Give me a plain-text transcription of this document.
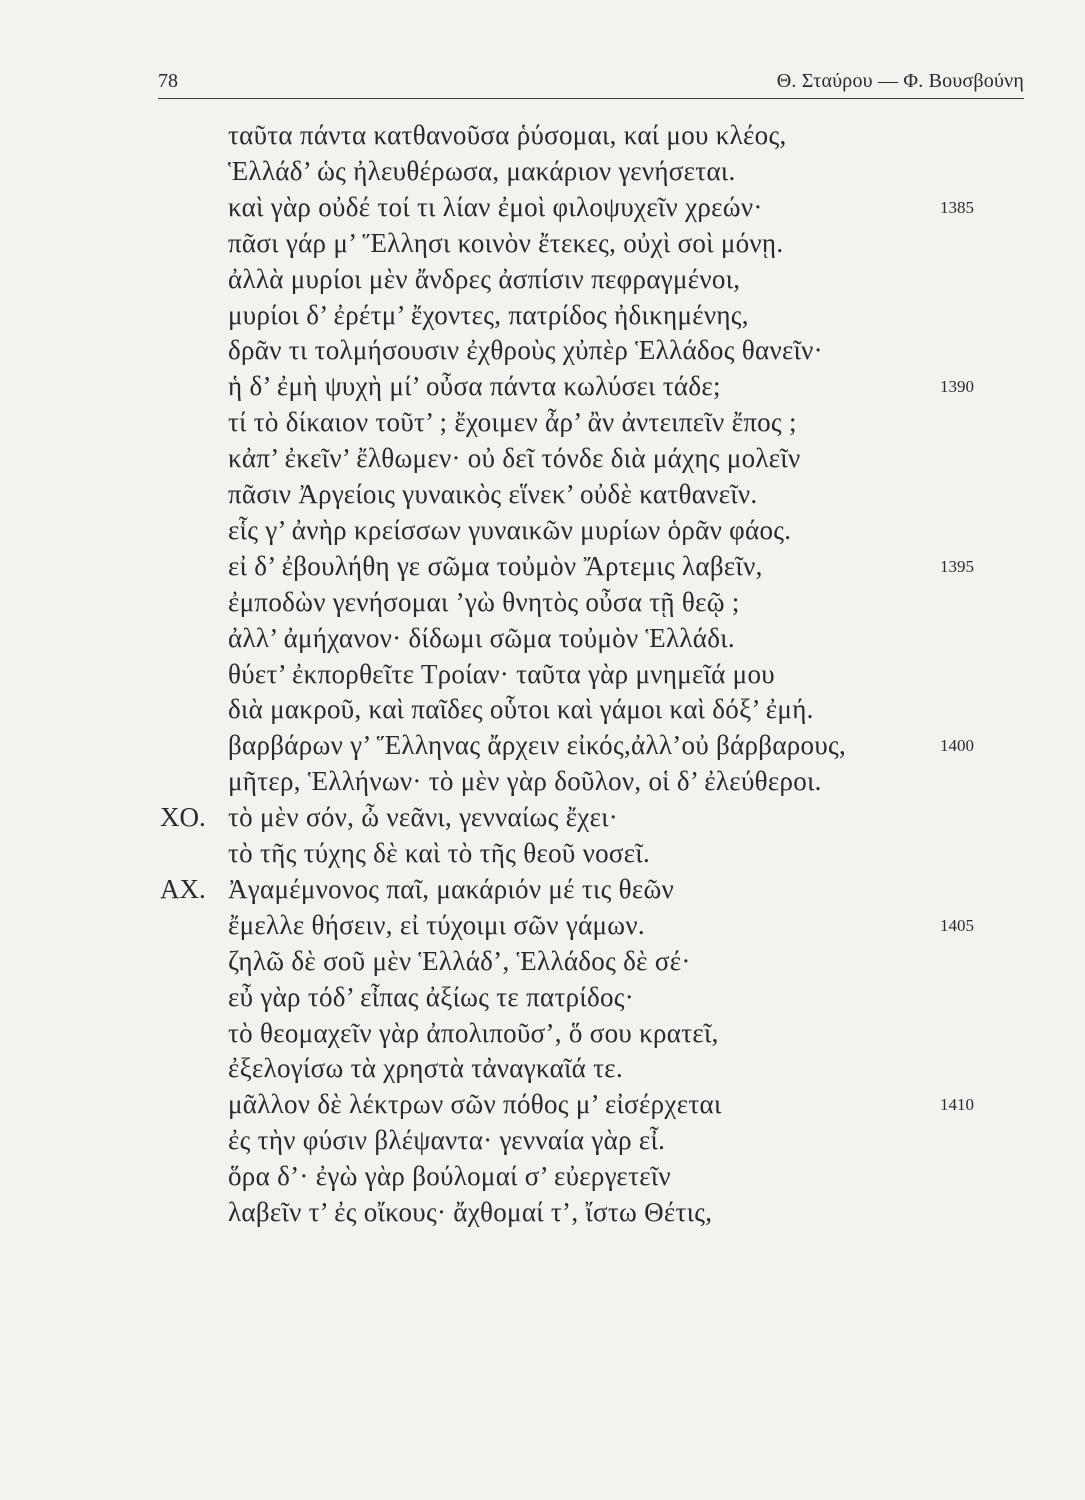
78	Θ. Σταύρου — Φ. Βουσβούνη
ταῦτα πάντα κατθανοῦσα ῥύσομαι, καί μου κλέος,
Ἑλλάδ’ ὡς ἠλευθέρωσα, μακάριον γενήσεται.
καὶ γὰρ οὐδέ τοί τι λίαν ἐμοὶ φιλοψυχεῖν χρεών·	1385
πᾶσι γάρ μ’ Ἕλλησι κοινὸν ἔτεκες, οὐχὶ σοὶ μόνῃ.
ἀλλὰ μυρίοι μὲν ἄνδρες ἀσπίσιν πεφραγμένοι,
μυρίοι δ’ ἐρέτμ’ ἔχοντες, πατρίδος ἠδικημένης,
δρᾶν τι τολμήσουσιν ἐχθροὺς χὐπὲρ Ἑλλάδος θανεῖν·
ἡ δ’ ἐμὴ ψυχὴ μί’ οὖσα πάντα κωλύσει τάδε;	1390
τί τὸ δίκαιον τοῦτ’ ; ἔχοιμεν ἆρ’ ἂν ἀντειπεῖν ἔπος ;
κἀπ’ ἐκεῖν’ ἔλθωμεν· οὐ δεῖ τόνδε διὰ μάχης μολεῖν
πᾶσιν Ἀργείοις γυναικὸς εἵνεκ’ οὐδὲ κατθανεῖν.
εἷς γ’ ἀνὴρ κρείσσων γυναικῶν μυρίων ὁρᾶν φάος.
εἰ δ’ ἐβουλήθη γε σῶμα τοὐμὸν Ἄρτεμις λαβεῖν,	1395
ἐμποδὼν γενήσομαι ’γὼ θνητὸς οὖσα τῇ θεῷ ;
ἀλλ’ ἀμήχανον· δίδωμι σῶμα τοὐμὸν Ἑλλάδι.
θύετ’ ἐκπορθεῖτε Τροίαν· ταῦτα γὰρ μνημεῖά μου
διὰ μακροῦ, καὶ παῖδες οὗτοι καὶ γάμοι καὶ δόξ’ ἐμή.
βαρβάρων γ’ Ἕλληνας ἄρχειν εἰκός,ἀλλ’οὐ βάρβαρους,	1400
μῆτερ, Ἑλλήνων· τὸ μὲν γὰρ δοῦλον, οἱ δ’ ἐλεύθεροι.
ΧΟ. τὸ μὲν σόν, ὦ νεᾶνι, γενναίως ἔχει·
τὸ τῆς τύχης δὲ καὶ τὸ τῆς θεοῦ νοσεῖ.
ΑΧ. Ἀγαμέμνονος παῖ, μακάριόν μέ τις θεῶν
ἔμελλε θήσειν, εἰ τύχοιμι σῶν γάμων.	1405
ζηλῶ δὲ σοῦ μὲν Ἑλλάδ’, Ἑλλάδος δὲ σέ·
εὖ γὰρ τόδ’ εἶπας ἀξίως τε πατρίδος·
τὸ θεομαχεῖν γὰρ ἀπολιποῦσ’, ὅ σου κρατεῖ,
ἐξελογίσω τὰ χρηστὰ τἀναγκαῖά τε.
μᾶλλον δὲ λέκτρων σῶν πόθος μ’ εἰσέρχεται	1410
ἐς τὴν φύσιν βλέψαντα· γενναία γὰρ εἶ.
ὅρα δ’· ἐγὼ γὰρ βούλομαί σ’ εὐεργετεῖν
λαβεῖν τ’ ἐς οἴκους· ἄχθομαί τ’, ἴστω Θέτις,
